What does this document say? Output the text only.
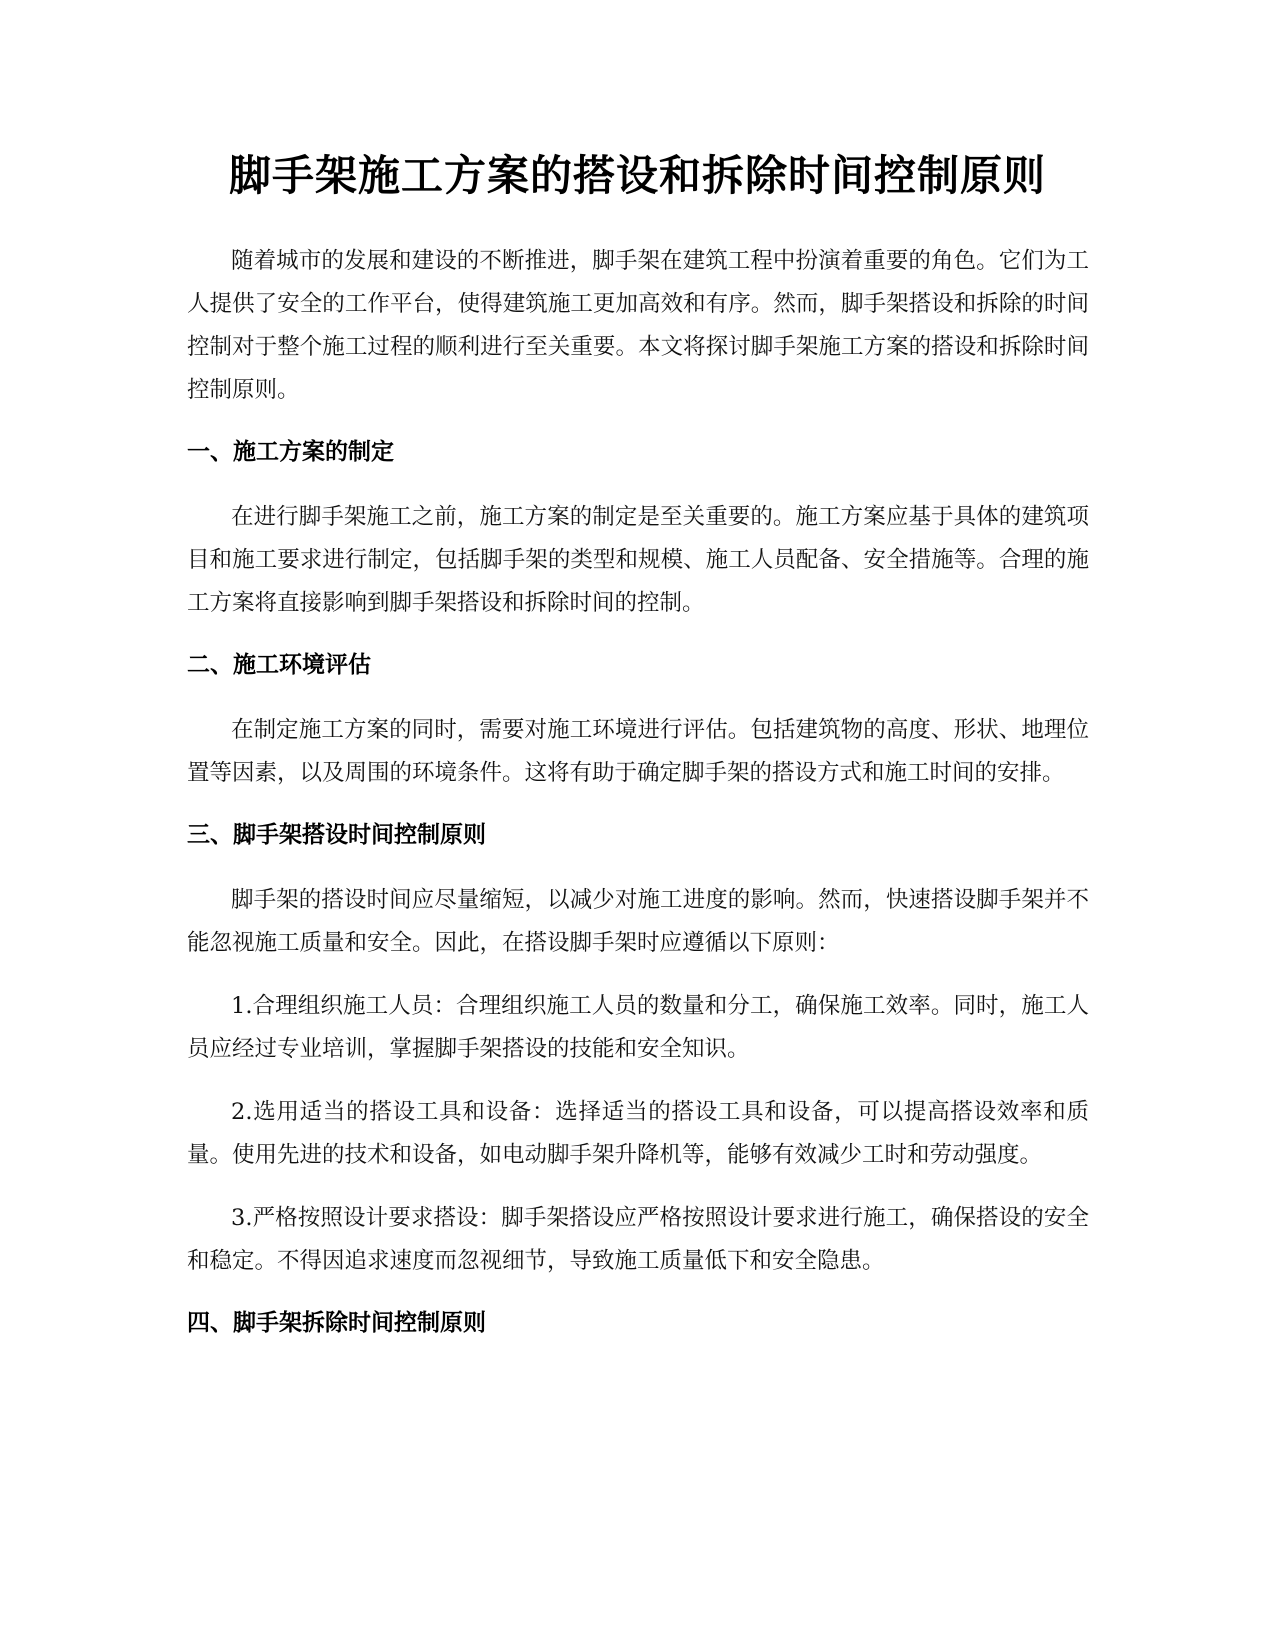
脚手架施工方案的搭设和拆除时间控制原则

随着城市的发展和建设的不断推进，脚手架在建筑工程中扮演着重要的角色。它们为工人提供了安全的工作平台，使得建筑施工更加高效和有序。然而，脚手架搭设和拆除的时间控制对于整个施工过程的顺利进行至关重要。本文将探讨脚手架施工方案的搭设和拆除时间控制原则。

一、施工方案的制定

在进行脚手架施工之前，施工方案的制定是至关重要的。施工方案应基于具体的建筑项目和施工要求进行制定，包括脚手架的类型和规模、施工人员配备、安全措施等。合理的施工方案将直接影响到脚手架搭设和拆除时间的控制。

二、施工环境评估

在制定施工方案的同时，需要对施工环境进行评估。包括建筑物的高度、形状、地理位置等因素，以及周围的环境条件。这将有助于确定脚手架的搭设方式和施工时间的安排。

三、脚手架搭设时间控制原则

脚手架的搭设时间应尽量缩短，以减少对施工进度的影响。然而，快速搭设脚手架并不能忽视施工质量和安全。因此，在搭设脚手架时应遵循以下原则：

1.合理组织施工人员：合理组织施工人员的数量和分工，确保施工效率。同时，施工人员应经过专业培训，掌握脚手架搭设的技能和安全知识。

2.选用适当的搭设工具和设备：选择适当的搭设工具和设备，可以提高搭设效率和质量。使用先进的技术和设备，如电动脚手架升降机等，能够有效减少工时和劳动强度。

3.严格按照设计要求搭设：脚手架搭设应严格按照设计要求进行施工，确保搭设的安全和稳定。不得因追求速度而忽视细节，导致施工质量低下和安全隐患。

四、脚手架拆除时间控制原则
